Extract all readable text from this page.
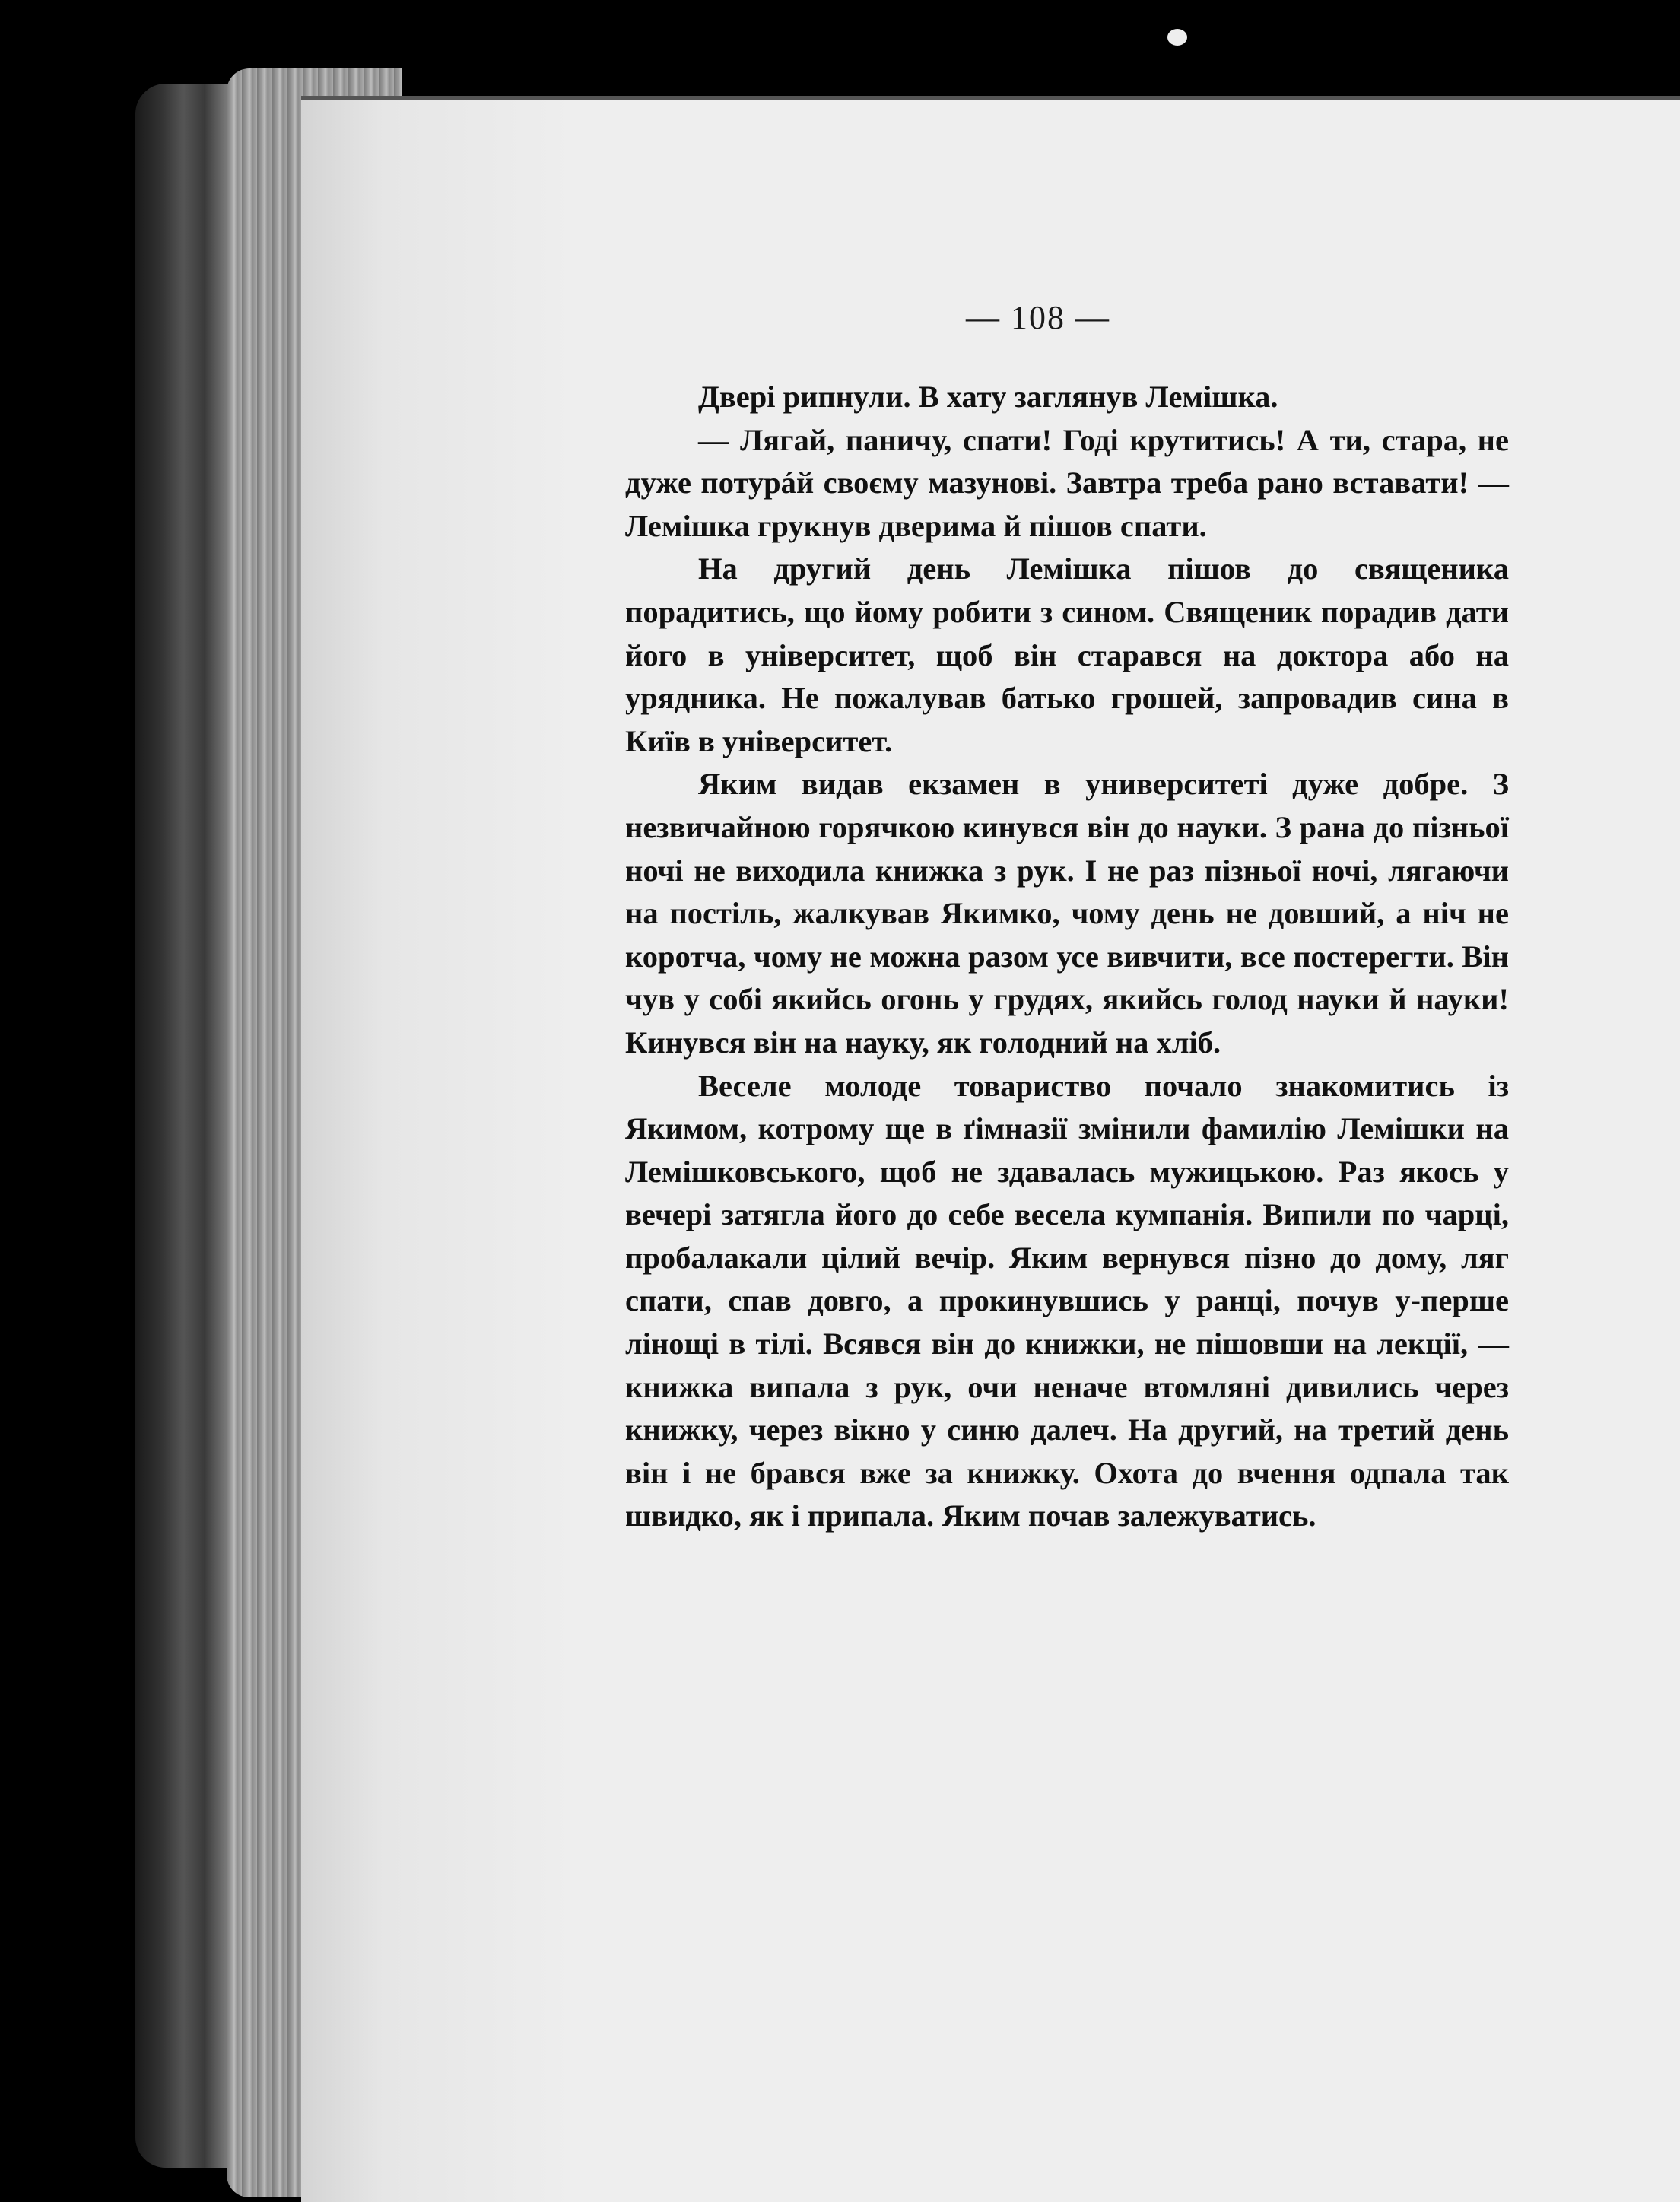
— 108 —

Двері рипнули. В хату заглянув Лемішка.

— Лягай, паничу, спати! Годі крутитись! А ти, стара, не дуже потурáй своєму мазунові. Завтра треба рано вставати! — Лемішка грукнув дверима й пішов спати.

На другий день Лемішка пішов до священика порадитись, що йому робити з сином. Священик порадив дати його в університет, щоб він старався на доктора або на урядника. Не пожалував батько грошей, запровадив сина в Київ в університет.

Яким видав екзамен в университеті дуже добре. З незвичайною горячкою кинувся він до науки. З рана до пізньої ночі не виходила книжка з рук. І не раз пізньої ночі, лягаючи на постіль, жалкував Якимко, чому день не довший, а ніч не коротча, чому не можна разом усе вивчити, все постерегти. Він чув у собі якийсь огонь у грудях, якийсь голод науки й науки! Кинувся він на науку, як голодний на хліб.

Веселе молоде товариство почало знакомитись із Якимом, котрому ще в ґімназії змінили фамилію Лемішки на Лемішковського, щоб не здавалась мужицькою. Раз якось у вечері затягла його до себе весела кумпанія. Випили по чарці, пробалакали цілий вечір. Яким вернувся пізно до дому, ляг спати, спав довго, а прокинувшись у ранці, почув у-перше лінощі в тілі. Всявся він до книжки, не пішовши на лекції, — книжка випала з рук, очи неначе втомляні дивились через книжку, через вікно у синю далеч. На другий, на третий день він і не брався вже за книжку. Охота до вчення одпала так швидко, як і припала. Яким почав залежуватись.
